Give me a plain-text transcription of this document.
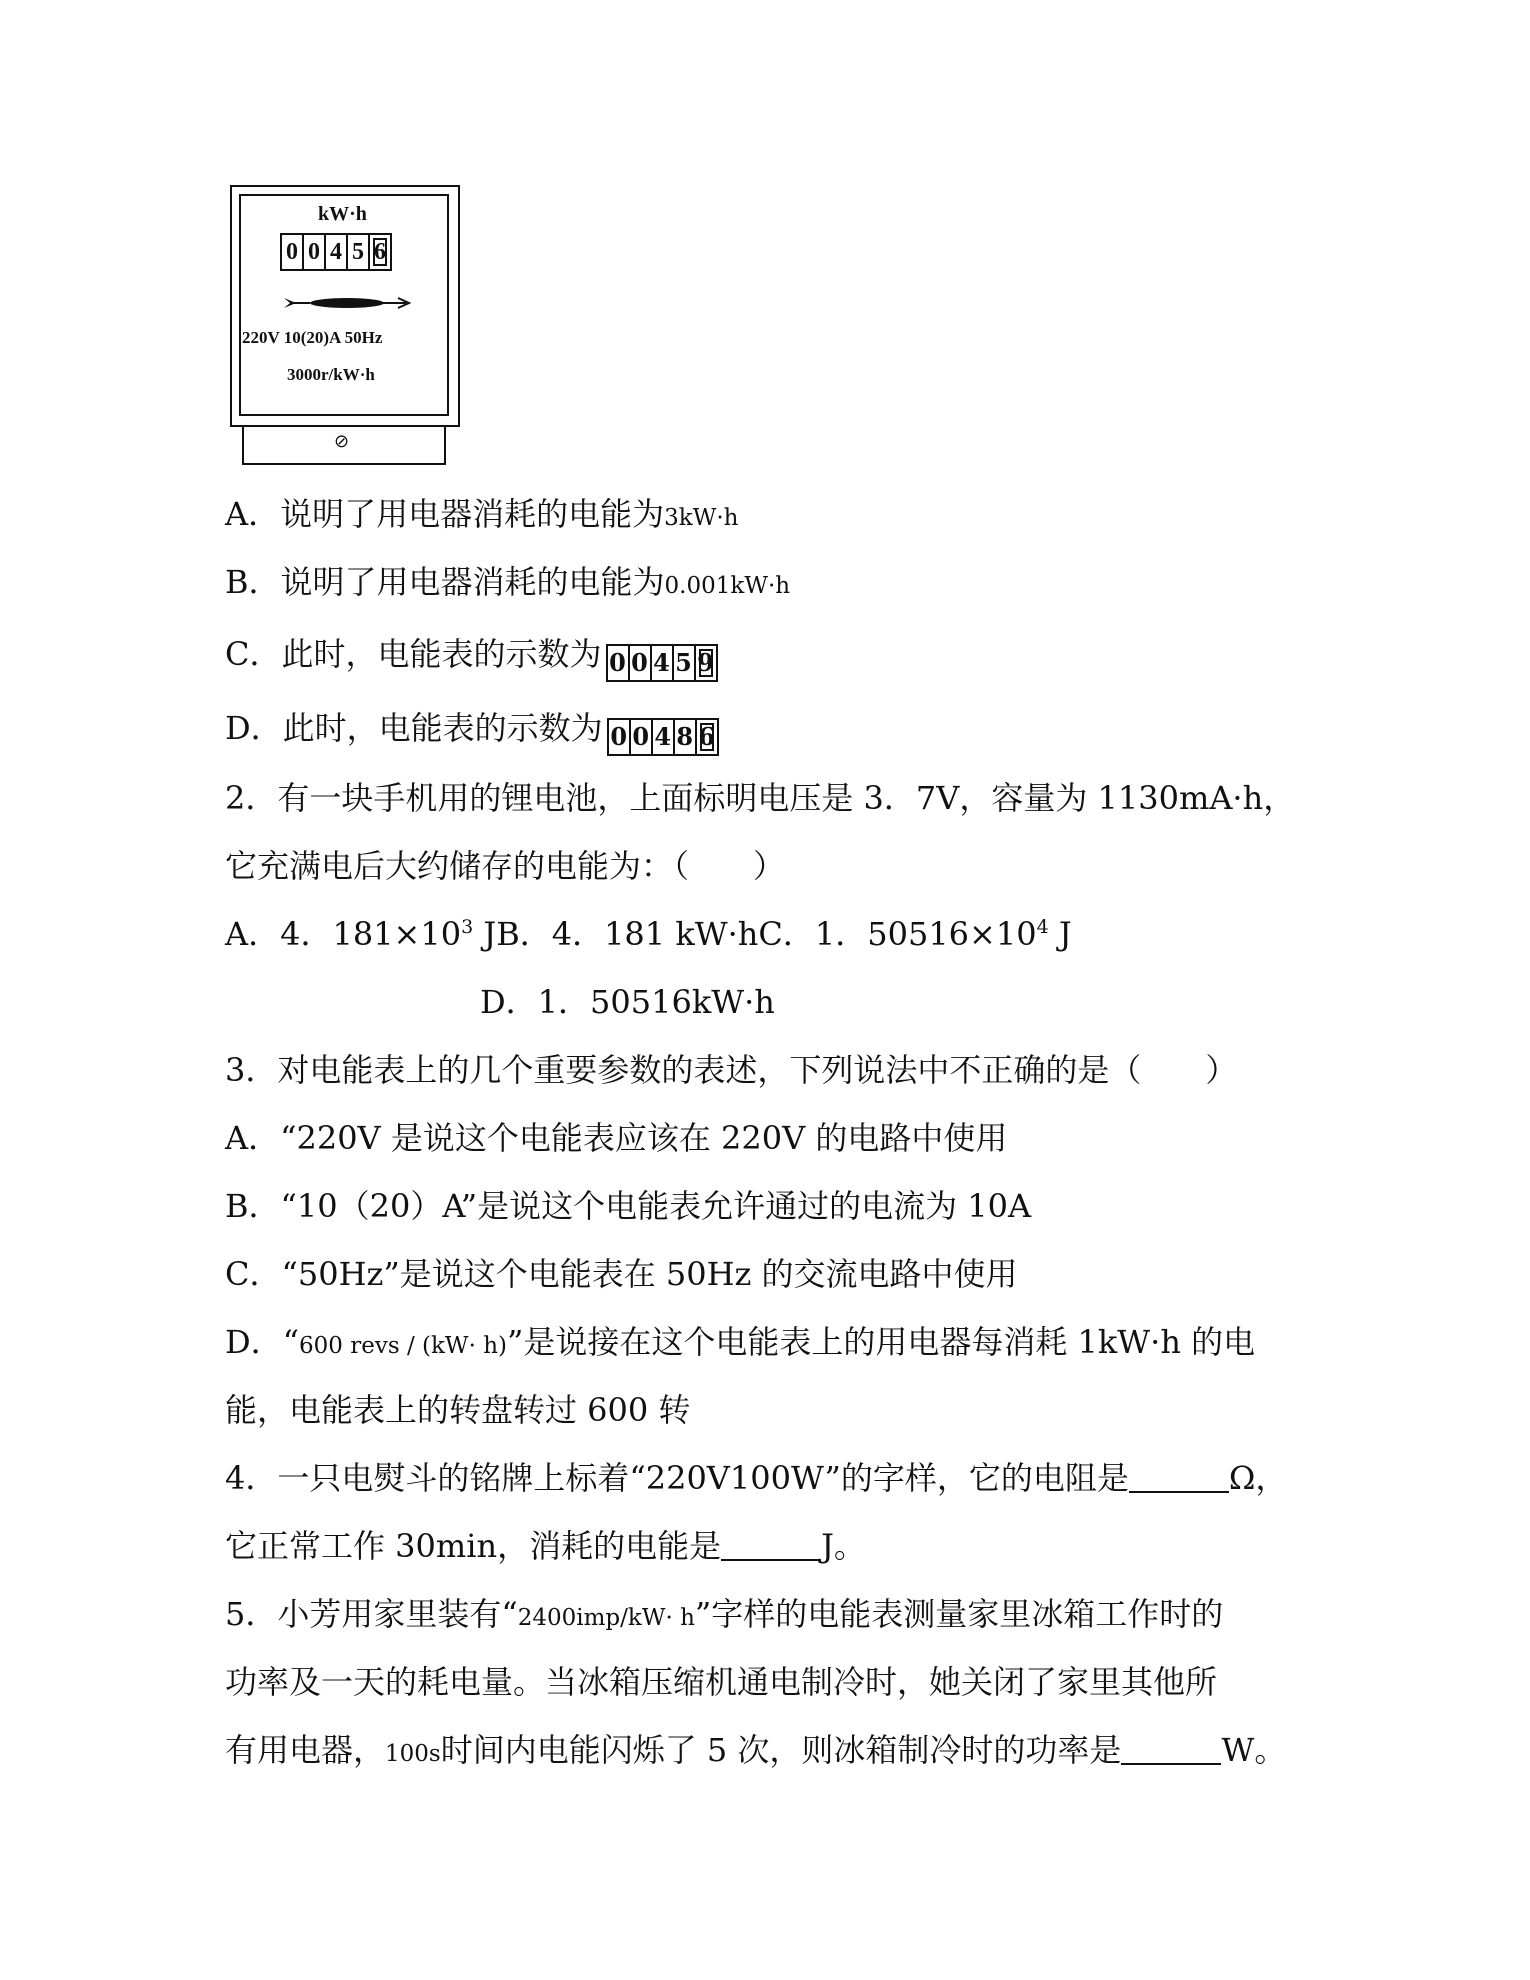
kW·h
0 0 4 5 6
220V 10(20)A 50Hz
3000r/kW·h
⊘
A．说明了用电器消耗的电能为3kW·h
B．说明了用电器消耗的电能为0.001kW·h
C．此时，电能表的示数为 0 0 4 5 9
D．此时，电能表的示数为 0 0 4 8 6
2．有一块手机用的锂电池，上面标明电压是 3．7V，容量为 1130mA·h，
它充满电后大约储存的电能为：（　　）
A．4．$181\times 10^3$ JB．4．181 kW·hC．1．$50516\times 10^4$ J
D．1．50516kW·h
3．对电能表上的几个重要参数的表述，下列说法中不正确的是（　　）
A．“220V 是说这个电能表应该在 220V 的电路中使用
B．“10（20）A”是说这个电能表允许通过的电流为 10A
C．“50Hz”是说这个电能表在 50Hz 的交流电路中使用
D．“600 revs / (kW· h)”是说接在这个电能表上的用电器每消耗 1kW·h 的电
能，电能表上的转盘转过 600 转
4．一只电熨斗的铭牌上标着“220V100W”的字样，它的电阻是	Ω，
它正常工作 30min，消耗的电能是	J。
5．小芳用家里装有“2400imp/kW· h”字样的电能表测量家里冰箱工作时的
功率及一天的耗电量。当冰箱压缩机通电制冷时，她关闭了家里其他所
有用电器，100s时间内电能闪烁了 5 次，则冰箱制冷时的功率是	W。
